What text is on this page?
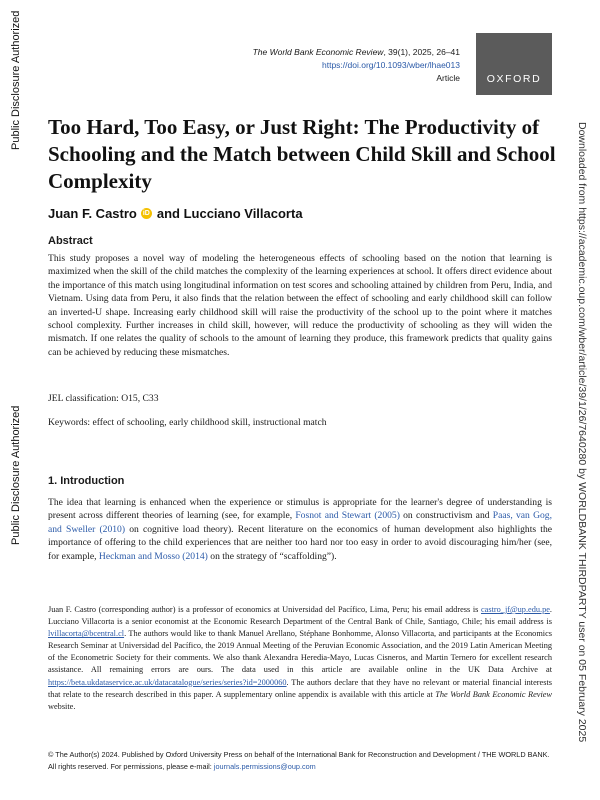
Public Disclosure Authorized
Public Disclosure Authorized	Downloaded from https://academic.oup.com/wber/article/39/1/26/7640280 by WORLDBANK THIRDPARTY user on 05 February 2025
The World Bank Economic Review, 39(1), 2025, 26–41
https://doi.org/10.1093/wber/lhae013
Article	OXFORD
Too Hard, Too Easy, or Just Right: The Productivity of Schooling and the Match between Child Skill and School Complexity
Juan F. Castro iD and Lucciano Villacorta
Abstract
This study proposes a novel way of modeling the heterogeneous effects of schooling based on the notion that learning is maximized when the skill of the child matches the complexity of the learning experiences at school. It offers direct evidence about the importance of this match using longitudinal information on test scores and schooling attained by children from Peru, India, and Vietnam. Using data from Peru, it also finds that the relation between the effect of schooling and early childhood skill can follow an inverted-U shape. Increasing early childhood skill will raise the productivity of the school up to the point where it matches school complexity. Further increases in child skill, however, will reduce the productivity of schooling as they will widen the mismatch. If one relates the quality of schools to the amount of learning they produce, this framework predicts that quality gains can be achieved by reducing these mismatches.
JEL classification: O15, C33
Keywords: effect of schooling, early childhood skill, instructional match
1. Introduction
The idea that learning is enhanced when the experience or stimulus is appropriate for the learner's degree of understanding is present across different theories of learning (see, for example, Fosnot and Stewart (2005) on constructivism and Paas, van Gog, and Sweller (2010) on cognitive load theory). Recent literature on the economics of human development also highlights the importance of offering to the child experiences that are neither too hard nor too easy in order to avoid discouraging him/her (see, for example, Heckman and Mosso (2014) on the strategy of “scaffolding”).
Juan F. Castro (corresponding author) is a professor of economics at Universidad del Pacífico, Lima, Peru; his email address is castro_jf@up.edu.pe. Lucciano Villacorta is a senior economist at the Economic Research Department of the Central Bank of Chile, Santiago, Chile; his email address is lvillacorta@bcentral.cl. The authors would like to thank Manuel Arellano, Stéphane Bonhomme, Alonso Villacorta, and participants at the Economics Research Seminar at Universidad del Pacífico, the 2019 Annual Meeting of the Peruvian Economic Association, and the 2019 Latin American Meeting of the Econometric Society for their comments. We also thank Alexandra Heredia-Mayo, Lucas Cisneros, and Martin Ternero for excellent research assistance. All remaining errors are ours. The data used in this article are available online in the UK Data Archive at https://beta.ukdataservice.ac.uk/datacatalogue/series/series?id=2000060. The authors declare that they have no relevant or material financial interests that relate to the research described in this paper. A supplementary online appendix is available with this article at The World Bank Economic Review website.
© The Author(s) 2024. Published by Oxford University Press on behalf of the International Bank for Reconstruction and Development / THE WORLD BANK.
All rights reserved. For permissions, please e-mail: journals.permissions@oup.com
